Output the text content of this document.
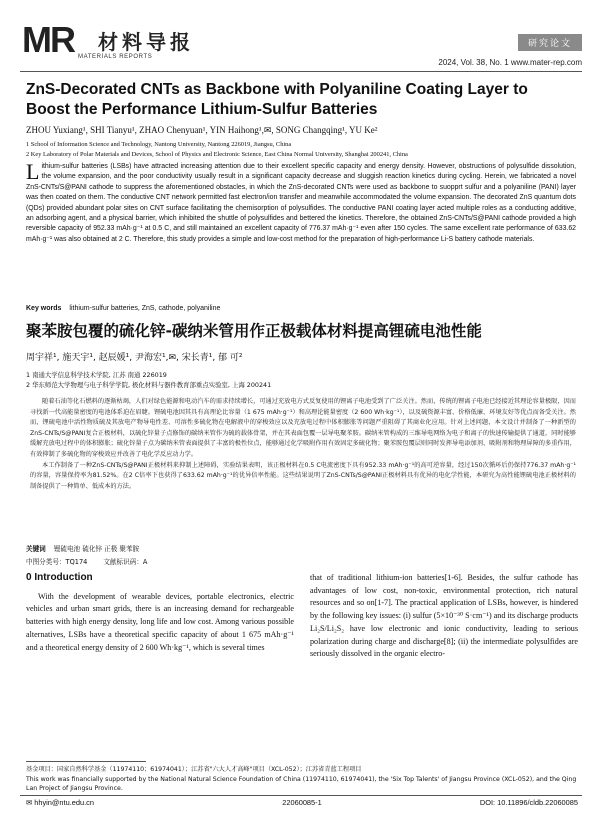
MR 材料导报
MATERIALS REPORTS
研究论文
2024, Vol. 38, No. 1 www.mater-rep.com
ZnS-Decorated CNTs as Backbone with Polyaniline Coating Layer to Boost the Performance Lithium-Sulfur Batteries
ZHOU Yuxiang¹, SHI Tianyu¹, ZHAO Chenyuan¹, YIN Haihong¹,✉, SONG Changqing¹, YU Ke²
1 School of Information Science and Technology, Nantong University, Nantong 226019, Jiangsu, China
2 Key Laboratory of Polar Materials and Devices, School of Physics and Electronic Science, East China Normal University, Shanghai 200241, China
Lithium-sulfur batteries (LSBs) have attracted increasing attention due to their excellent specific capacity and energy density. However, obstructions of polysulfide dissolution, the volume expansion, and the poor conductivity usually result in a significant capacity decrease and sluggish reaction kinetics during cycling. Herein, we fabricated a novel ZnS-CNTs/S@PANI cathode to suppress the aforementioned obstacles, in which the ZnS-decorated CNTs were used as backbone to suopprt sulfur and a polyaniline (PANI) layer was then coated on them. The conductive CNT network permitted fast electron/ion transfer and meanwhile accommodated the volume expansion. The decorated ZnS quantum dots (QDs) provided abundant polar sites on CNT surface facilitating the chemisorption of polysulfides. The conductive PANI coating layer acted multiple roles as a conducting additive, an adsorbing agent, and a physical barrier, which inhibited the shuttle of polysulfides and bettered the kinetics. Therefore, the obtained ZnS-CNTs/S@PANI cathode provided a high reversible capacity of 952.33 mAh·g⁻¹ at 0.5 C, and still maintained an excellent capacity of 776.37 mAh·g⁻¹ even after 150 cycles. The same excellent rate performance of 633.62 mAh·g⁻¹ was also obtained at 2 C. Therefore, this study provides a simple and low-cost method for the preparation of high-performance Li-S battery cathode materials.
Key words lithium-sulfur batteries, ZnS, cathode, polyaniline
聚苯胺包覆的硫化锌-碳纳米管用作正极载体材料提高锂硫电池性能
周宇祥¹, 施天宇¹, 赵辰媛¹, 尹海宏¹,✉, 宋长青¹, 郁 可²
1 南通大学信息科学技术学院, 江苏 南通 226019
2 华东师范大学物理与电子科学学院, 极化材料与器件教育部重点实验室, 上海 200241

随着石油等化石燃料的逐渐枯竭，人们对绿色能源和电动汽车的需求持续增长，可通过充放电方式反复使用的锂离子电池受到了广泛关注。然而，传统的锂离子电池已经接近其理论容量极限，因而寻找新一代高能量密度的电池体系迫在眉睫。锂硫电池因其具有高理论比容量（1 675 mAh·g⁻¹）和高理论能量密度（2 600 Wh·kg⁻¹），以及硫资源丰富、价格低廉、环境友好等优点而备受关注。然而，锂硫电池中活性物质硫及其放电产物导电性差、可溶性多硫化物在电解液中的穿梭效应以及充放电过程中体积膨胀等问题严重阻碍了其商业化应用。针对上述问题，本文设计并制备了一种新型的ZnS-CNTs/S@PANI复合正极材料，以硫化锌量子点修饰的碳纳米管作为硫的载体骨架，并在其表面包覆一层导电聚苯胺。碳纳米管构成的三维导电网络为电子和离子的快速传输提供了通道，同时能够缓解充放电过程中的体积膨胀；硫化锌量子点为碳纳米管表面提供了丰富的极性位点，能够通过化学吸附作用有效固定多硫化物；聚苯胺包覆层则同时发挥导电添加剂、吸附剂和物理屏障的多重作用，有效抑制了多硫化物的穿梭效应并改善了电化学反应动力学。

本工作制备了一种ZnS-CNTs/S@PANI正极材料来抑制上述障碍，实验结果表明，该正极材料在0.5 C电流密度下具有952.33 mAh·g⁻¹的高可逆容量，经过150次循环后仍保持776.37 mAh·g⁻¹的容量，容量保持率为81.52%。在2 C倍率下也获得了633.62 mAh·g⁻¹的优异倍率性能。这些结果说明了ZnS-CNTs/S@PANI正极材料具有优异的电化学性能，本研究为高性能锂硫电池正极材料的制备提供了一种简单、低成本的方法。

关键词 锂硫电池 硫化锌 正极 聚苯胺
中图分类号：TQ174 文献标识码：A
0 Introduction
With the development of wearable devices, portable electronics, electric vehicles and urban smart grids, there is an increasing demand for rechargeable batteries with high energy density, long life and low cost. Among various possible alternatives, LSBs have a theoretical specific capacity of about 1 675 mAh·g⁻¹ and a theoretical energy density of 2 600 Wh·kg⁻¹, which is several times
that of traditional lithium-ion batteries[1-6]. Besides, the sulfur cathode has advantages of low cost, non-toxic, environmental protection, rich natural resources and so on[1-7]. The practical application of LSBs, however, is hindered by the following key issues: (i) sulfur (5×10⁻³⁰ S·cm⁻¹) and its discharge products Li₂S/Li₂S₂ have low electronic and ionic conductivity, leading to serious polarization during charge and discharge[8]; (ii) the intermediate polysulfides are seriously dissolved in the organic electro-
基金项目：国家自然科学基金（11974110；61974041）；江苏省"六大人才高峰"项目（XCL-052）；江苏省青蓝工程项目
This work was financially supported by the National Natural Science Foundation of China (11974110, 61974041), the 'Six Top Talents' of Jiangsu Province (XCL-052), and the Qing Lan Project of Jiangsu Province.
✉ hhyin@ntu.edu.cn	22060085-1	DOI: 10.11896/cldb.22060085
